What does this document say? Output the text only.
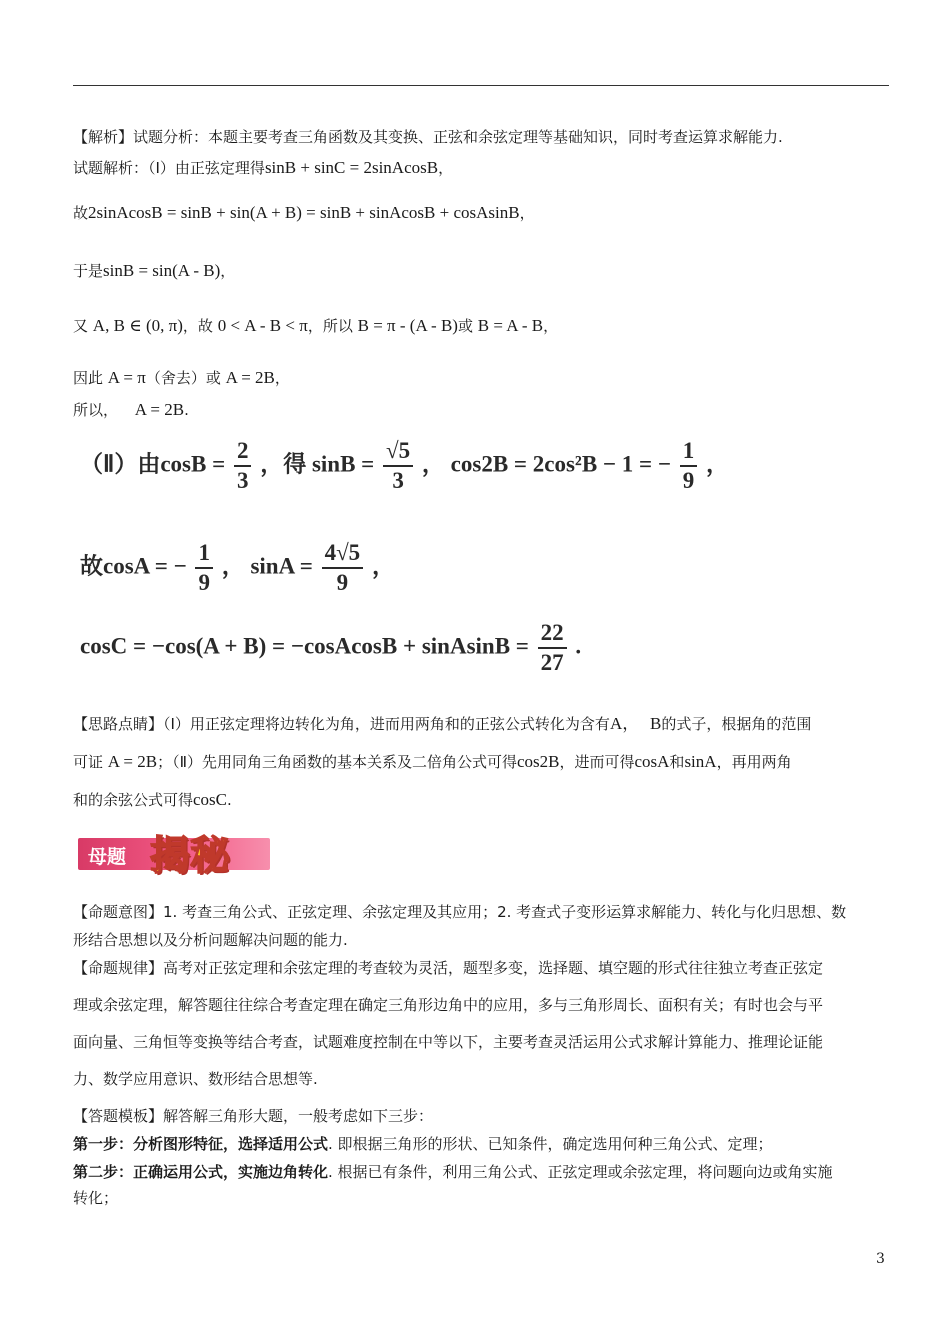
【解析】试题分析：本题主要考查三角函数及其变换、正弦和余弦定理等基础知识，同时考查运算求解能力.
试题解析：（Ⅰ）由正弦定理得sinB + sinC = 2sinAcosB，
故2sinAcosB = sinB + sin(A + B) = sinB + sinAcosB + cosAsinB，
于是sinB = sin(A - B)，
又 A, B ∈ (0, π)，故 0 < A - B < π，所以 B = π - (A - B)或 B = A - B，
因此 A = π（舍去）或 A = 2B，
所以， A = 2B.
（Ⅱ）由$\cos B = \frac{2}{3}$ ，得 $\sin B = \frac{√5}{3}$ ， cos2B = 2cos²B − 1 = − $\frac{1}{9}$ ，
故cosA = − $\frac{1}{9}$ ， $\sin A = \frac{4√5}{9}$ ，
cosC = −cos(A + B) = −cosAcosB + sinAsinB = $\frac{22}{27}$ .
【思路点睛】（Ⅰ）用正弦定理将边转化为角，进而用两角和的正弦公式转化为含有A， B的式子，根据角的范围
可证 A = 2B；（Ⅱ）先用同角三角函数的基本关系及二倍角公式可得cos2B，进而可得cosA和sinA，再用两角
和的余弦公式可得cosC.
母题 揭秘
【命题意图】1. 考查三角公式、正弦定理、余弦定理及其应用；2. 考查式子变形运算求解能力、转化与化归思想、数
形结合思想以及分析问题解决问题的能力.
【命题规律】高考对正弦定理和余弦定理的考查较为灵活，题型多变，选择题、填空题的形式往往独立考查正弦定
理或余弦定理，解答题往往综合考查定理在确定三角形边角中的应用，多与三角形周长、面积有关；有时也会与平
面向量、三角恒等变换等结合考查，试题难度控制在中等以下，主要考查灵活运用公式求解计算能力、推理论证能
力、数学应用意识、数形结合思想等.
【答题模板】解答解三角形大题，一般考虑如下三步：
第一步：分析图形特征，选择适用公式. 即根据三角形的形状、已知条件，确定选用何种三角公式、定理；
第二步：正确运用公式，实施边角转化. 根据已有条件，利用三角公式、正弦定理或余弦定理，将问题向边或角实施
转化；
3
